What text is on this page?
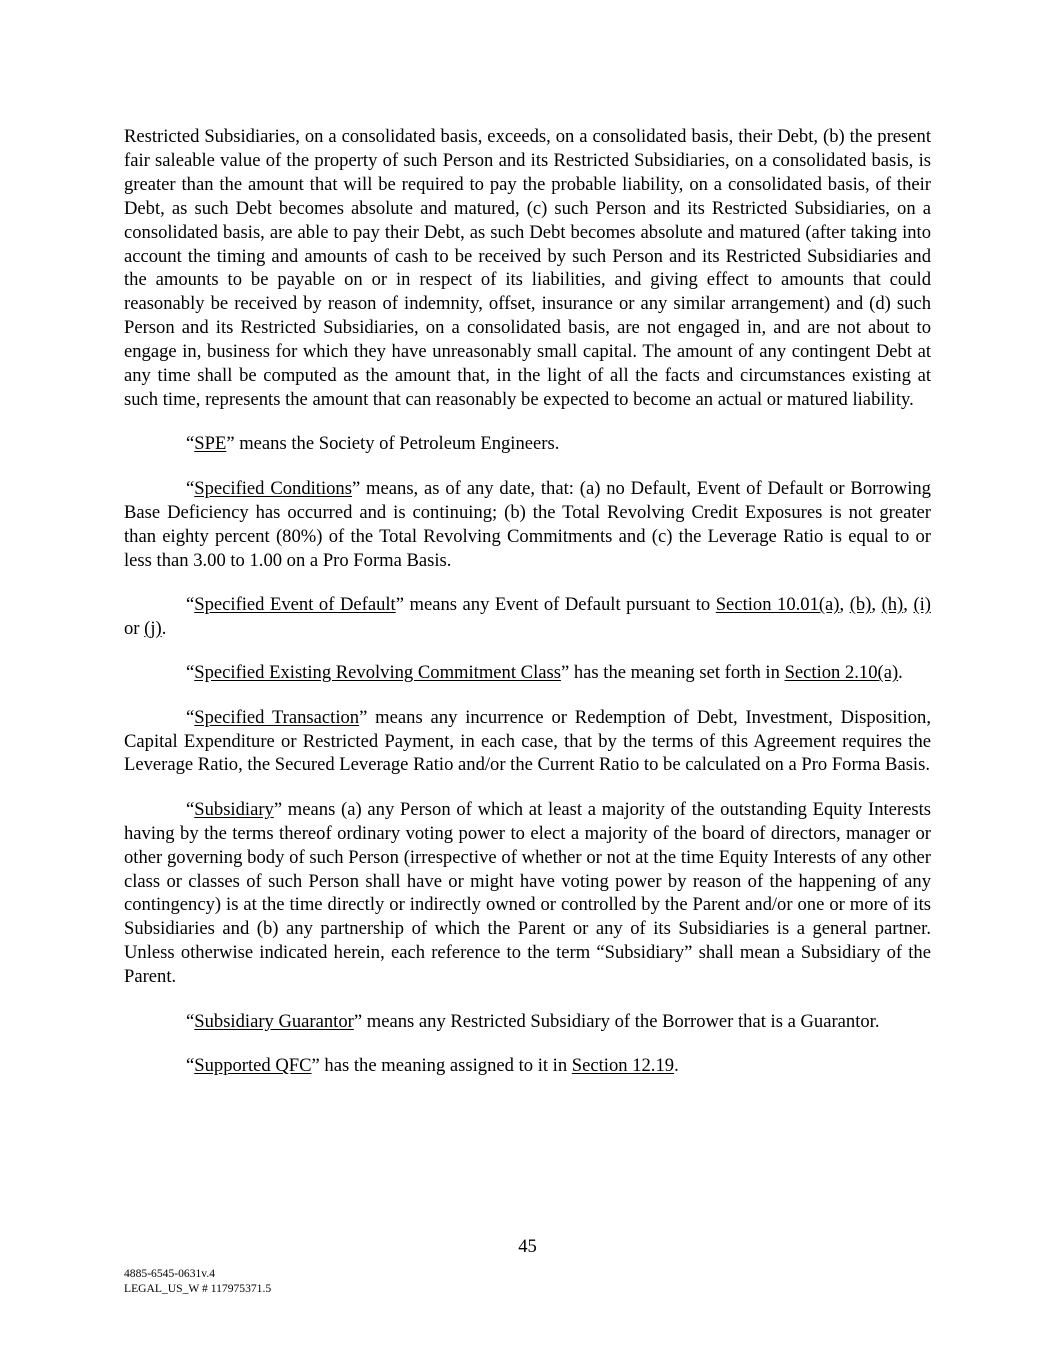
Restricted Subsidiaries, on a consolidated basis, exceeds, on a consolidated basis, their Debt, (b) the present fair saleable value of the property of such Person and its Restricted Subsidiaries, on a consolidated basis, is greater than the amount that will be required to pay the probable liability, on a consolidated basis, of their Debt, as such Debt becomes absolute and matured, (c) such Person and its Restricted Subsidiaries, on a consolidated basis, are able to pay their Debt, as such Debt becomes absolute and matured (after taking into account the timing and amounts of cash to be received by such Person and its Restricted Subsidiaries and the amounts to be payable on or in respect of its liabilities, and giving effect to amounts that could reasonably be received by reason of indemnity, offset, insurance or any similar arrangement) and (d) such Person and its Restricted Subsidiaries, on a consolidated basis, are not engaged in, and are not about to engage in, business for which they have unreasonably small capital. The amount of any contingent Debt at any time shall be computed as the amount that, in the light of all the facts and circumstances existing at such time, represents the amount that can reasonably be expected to become an actual or matured liability.

“SPE” means the Society of Petroleum Engineers.

“Specified Conditions” means, as of any date, that: (a) no Default, Event of Default or Borrowing Base Deficiency has occurred and is continuing; (b) the Total Revolving Credit Exposures is not greater than eighty percent (80%) of the Total Revolving Commitments and (c) the Leverage Ratio is equal to or less than 3.00 to 1.00 on a Pro Forma Basis.

“Specified Event of Default” means any Event of Default pursuant to Section 10.01(a), (b), (h), (i) or (j).

“Specified Existing Revolving Commitment Class” has the meaning set forth in Section 2.10(a).

“Specified Transaction” means any incurrence or Redemption of Debt, Investment, Disposition, Capital Expenditure or Restricted Payment, in each case, that by the terms of this Agreement requires the Leverage Ratio, the Secured Leverage Ratio and/or the Current Ratio to be calculated on a Pro Forma Basis.

“Subsidiary” means (a) any Person of which at least a majority of the outstanding Equity Interests having by the terms thereof ordinary voting power to elect a majority of the board of directors, manager or other governing body of such Person (irrespective of whether or not at the time Equity Interests of any other class or classes of such Person shall have or might have voting power by reason of the happening of any contingency) is at the time directly or indirectly owned or controlled by the Parent and/or one or more of its Subsidiaries and (b) any partnership of which the Parent or any of its Subsidiaries is a general partner. Unless otherwise indicated herein, each reference to the term “Subsidiary” shall mean a Subsidiary of the Parent.

“Subsidiary Guarantor” means any Restricted Subsidiary of the Borrower that is a Guarantor.

“Supported QFC” has the meaning assigned to it in Section 12.19.

45
4885-6545-0631v.4
LEGAL_US_W # 117975371.5
